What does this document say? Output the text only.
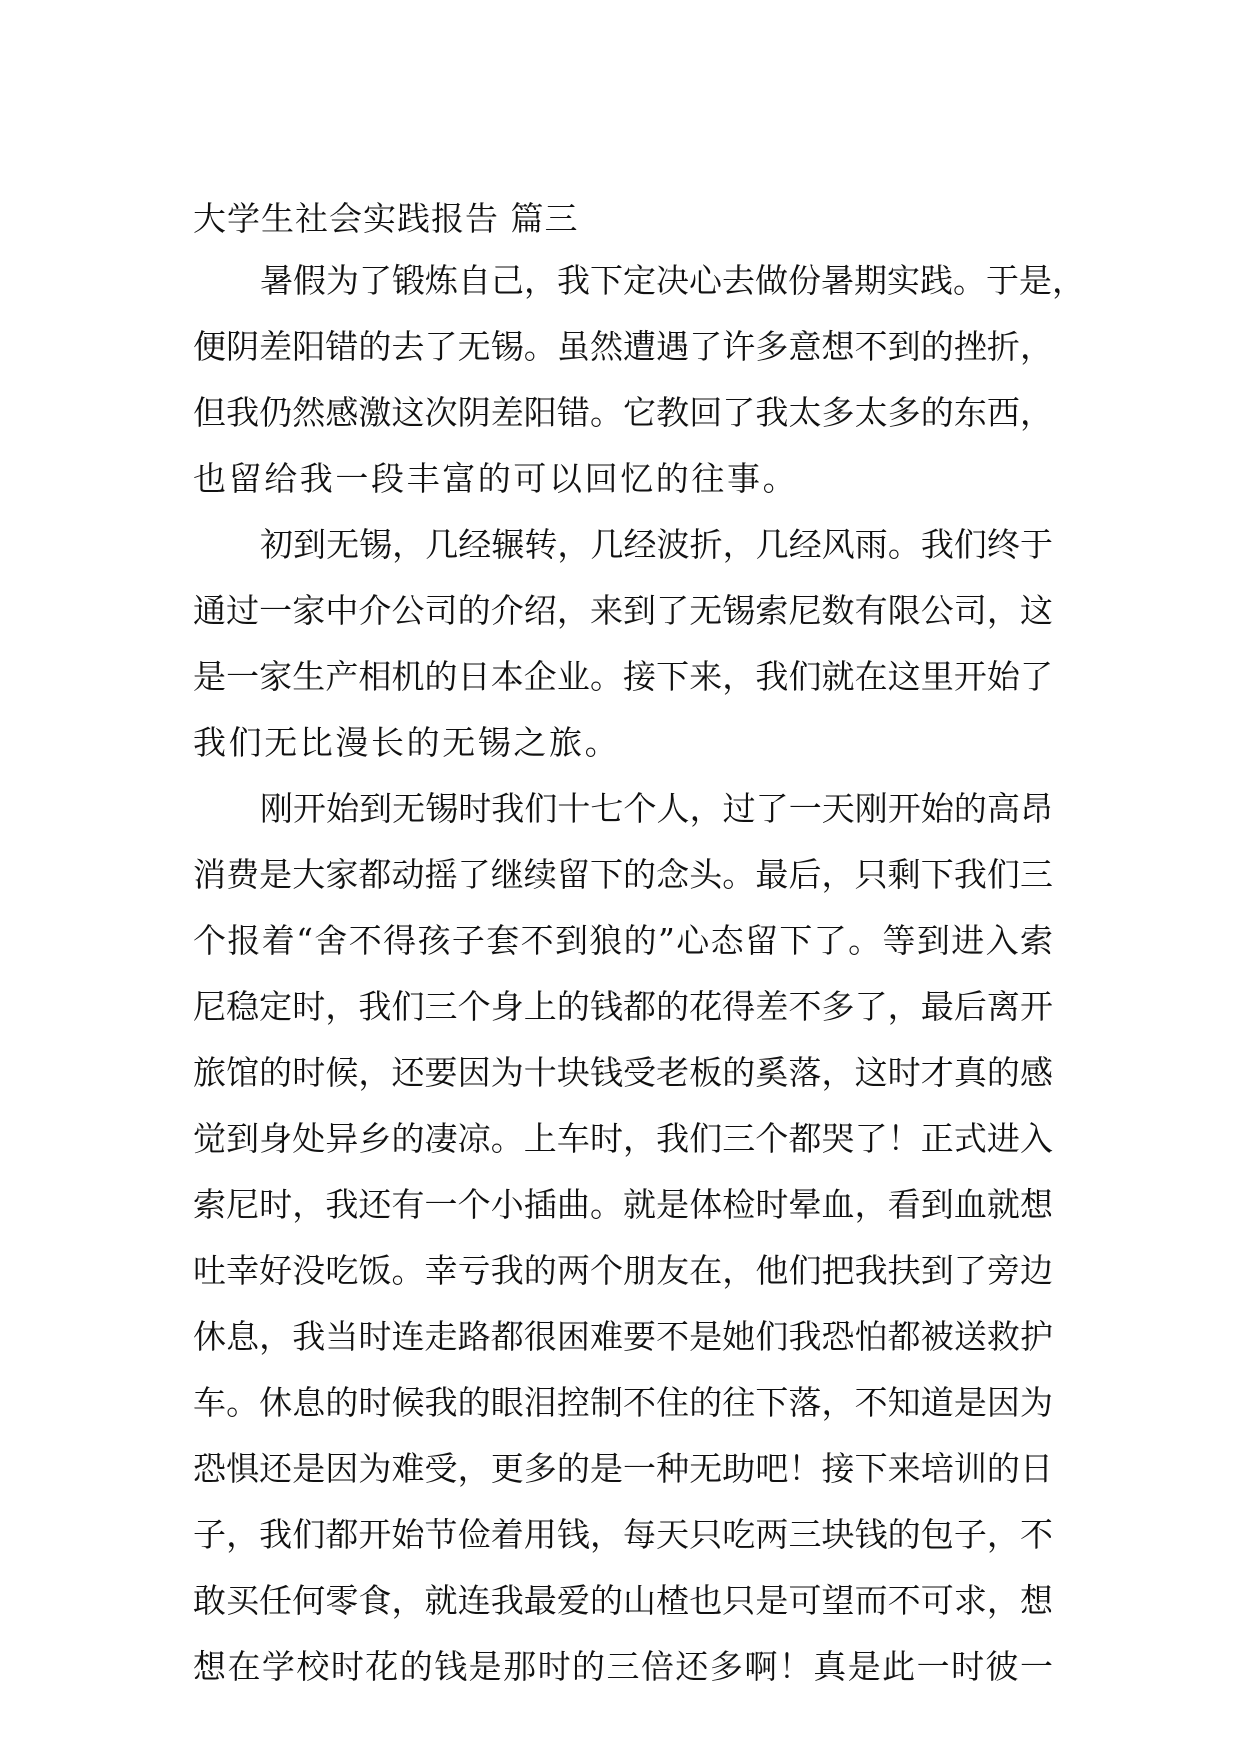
大学生社会实践报告 篇三

暑假为了锻炼自己，我下定决心去做份暑期实践。于是，

便阴差阳错的去了无锡。虽然遭遇了许多意想不到的挫折，

但我仍然感激这次阴差阳错。它教回了我太多太多的东西，

也留给我一段丰富的可以回忆的往事。

初到无锡，几经辗转，几经波折，几经风雨。我们终于

通过一家中介公司的介绍，来到了无锡索尼数有限公司，这

是一家生产相机的日本企业。接下来，我们就在这里开始了

我们无比漫长的无锡之旅。

刚开始到无锡时我们十七个人，过了一天刚开始的高昂

消费是大家都动摇了继续留下的念头。最后，只剩下我们三

个报着“舍不得孩子套不到狼的”心态留下了。等到进入索

尼稳定时，我们三个身上的钱都的花得差不多了，最后离开

旅馆的时候，还要因为十块钱受老板的奚落，这时才真的感

觉到身处异乡的凄凉。上车时，我们三个都哭了！正式进入

索尼时，我还有一个小插曲。就是体检时晕血，看到血就想

吐幸好没吃饭。幸亏我的两个朋友在，他们把我扶到了旁边

休息，我当时连走路都很困难要不是她们我恐怕都被送救护

车。休息的时候我的眼泪控制不住的往下落，不知道是因为

恐惧还是因为难受，更多的是一种无助吧！接下来培训的日

子，我们都开始节俭着用钱，每天只吃两三块钱的包子，不

敢买任何零食，就连我最爱的山楂也只是可望而不可求，想

想在学校时花的钱是那时的三倍还多啊！真是此一时彼一
